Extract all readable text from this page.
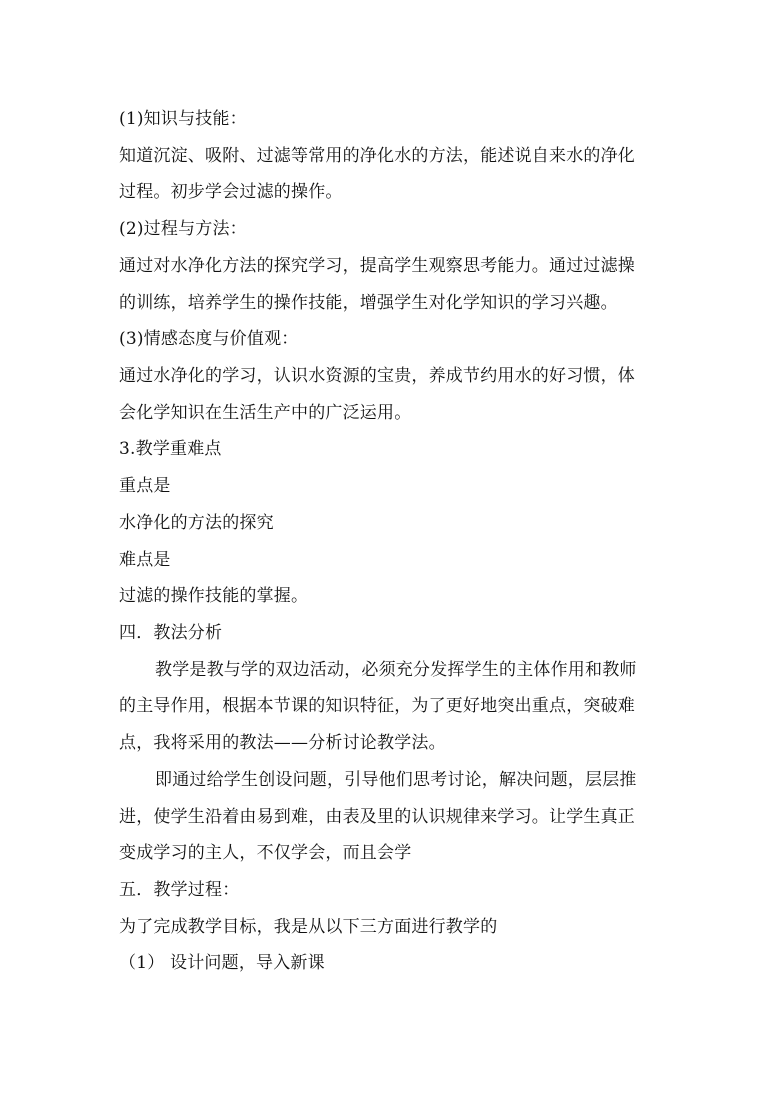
(1)知识与技能：
知道沉淀、吸附、过滤等常用的净化水的方法，能述说自来水的净化
过程。初步学会过滤的操作。
(2)过程与方法：
通过对水净化方法的探究学习，提高学生观察思考能力。通过过滤操
的训练，培养学生的操作技能，增强学生对化学知识的学习兴趣。
(3)情感态度与价值观：
通过水净化的学习，认识水资源的宝贵，养成节约用水的好习惯，体
会化学知识在生活生产中的广泛运用。
3.教学重难点
重点是
水净化的方法的探究
难点是
过滤的操作技能的掌握。
四．教法分析
教学是教与学的双边活动，必须充分发挥学生的主体作用和教师
的主导作用，根据本节课的知识特征，为了更好地突出重点，突破难
点，我将采用的教法——分析讨论教学法。
即通过给学生创设问题，引导他们思考讨论，解决问题，层层推
进，使学生沿着由易到难，由表及里的认识规律来学习。让学生真正
变成学习的主人，不仅学会，而且会学
五．教学过程：
为了完成教学目标，我是从以下三方面进行教学的
（1） 设计问题，导入新课
